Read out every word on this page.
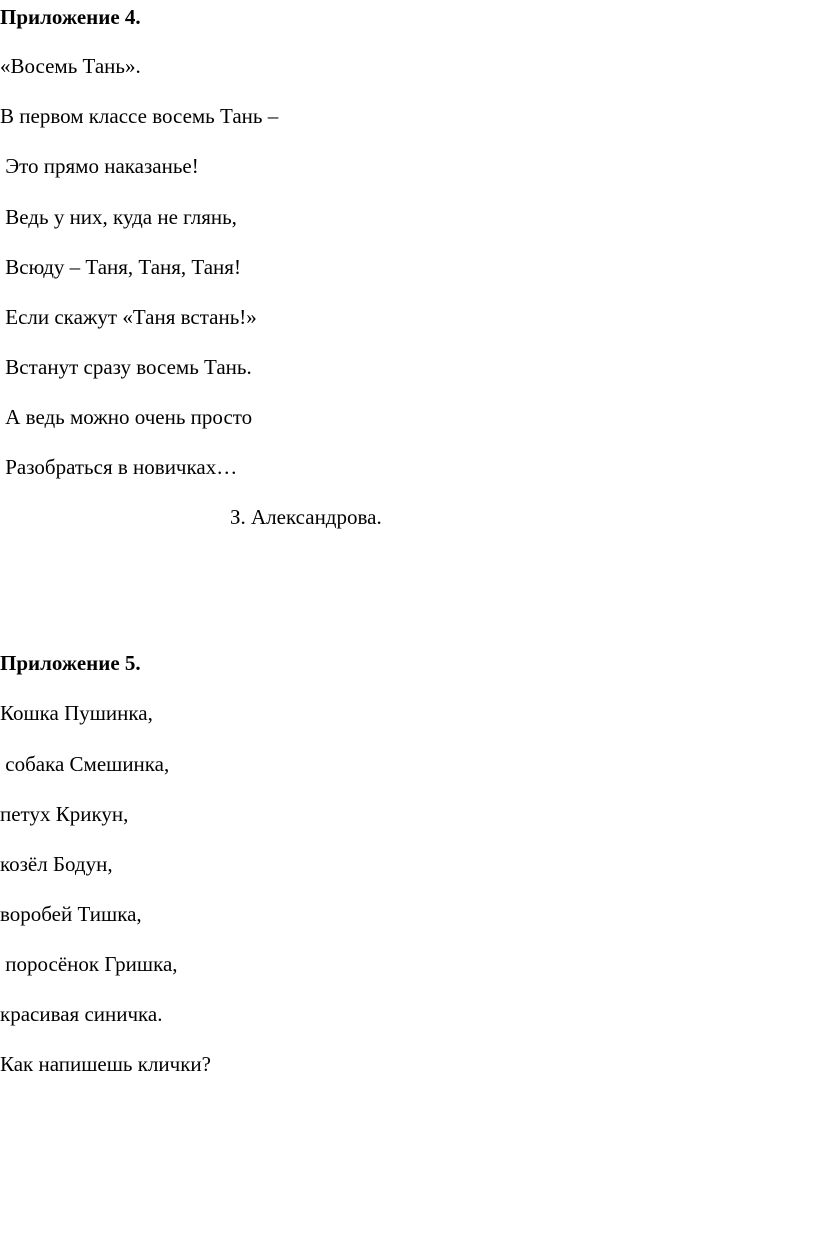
Приложение 4.
«Восемь Тань».
В первом классе восемь Тань –
Это прямо наказанье!
Ведь у них, куда не глянь,
Всюду – Таня, Таня, Таня!
Если скажут «Таня встань!»
Встанут сразу восемь Тань.
А ведь можно очень просто
Разобраться в новичках…
З. Александрова.
Приложение 5.
Кошка Пушинка,
собака Смешинка,
петух Крикун,
козёл Бодун,
воробей Тишка,
поросёнок Гришка,
красивая синичка.
Как напишешь клички?
